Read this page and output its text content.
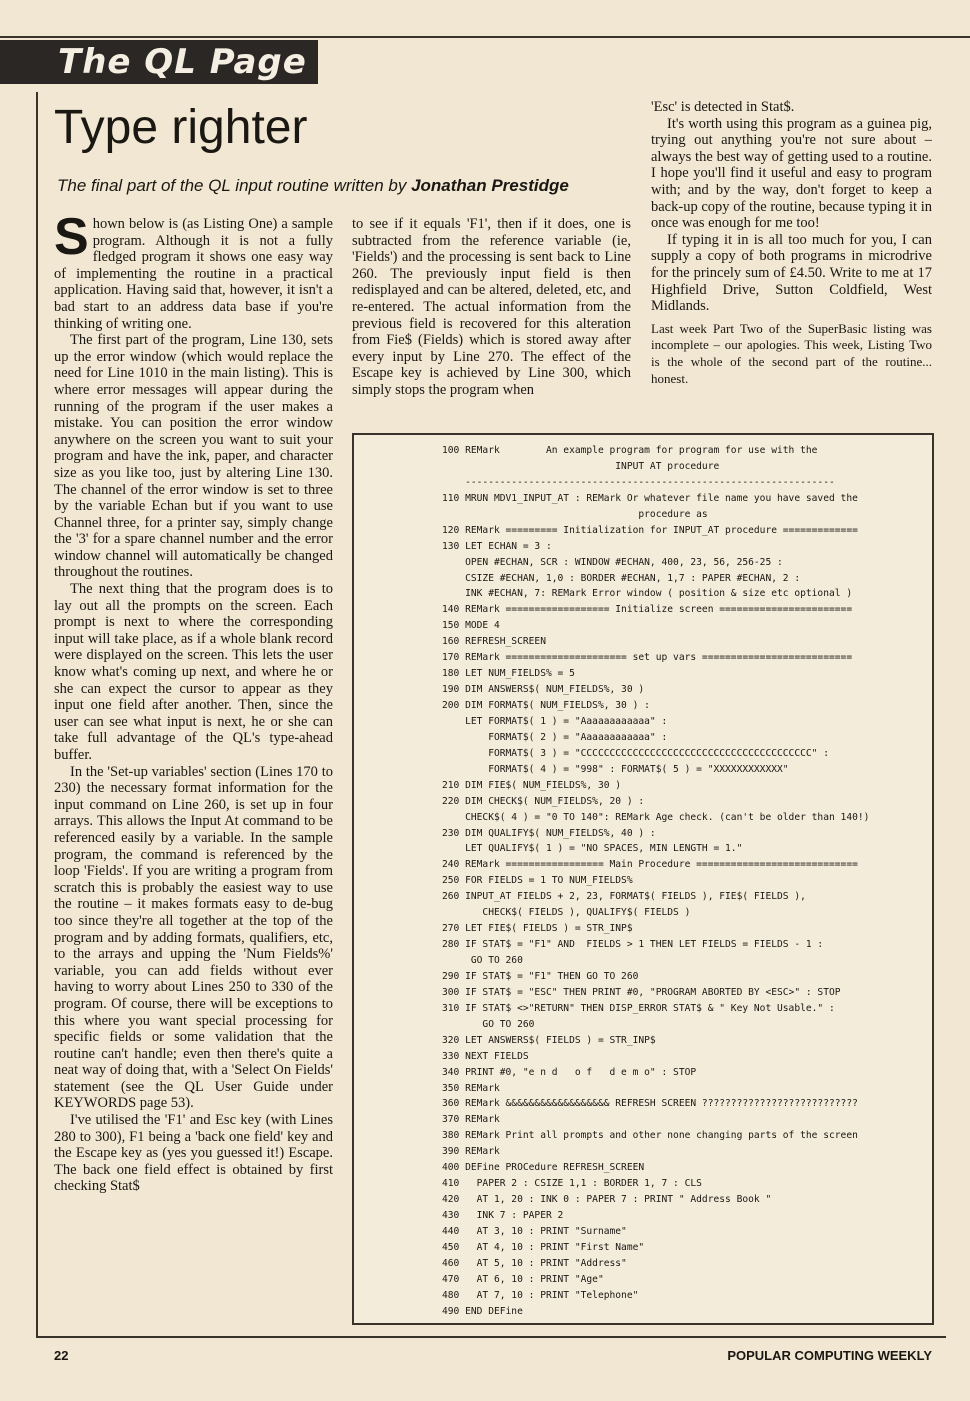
The QL Page
Type righter
The final part of the QL input routine written by Jonathan Prestidge

Shown below is (as Listing One) a sample program. Although it is not a fully fledged program it shows one easy way of implementing the routine in a practical application. Having said that, however, it isn't a bad start to an address data base if you're thinking of writing one.

The first part of the program, Line 130, sets up the error window (which would replace the need for Line 1010 in the main listing). This is where error messages will appear during the running of the program if the user makes a mistake. You can position the error window anywhere on the screen you want to suit your program and have the ink, paper, and character size as you like too, just by altering Line 130. The channel of the error window is set to three by the variable Echan but if you want to use Channel three, for a printer say, simply change the '3' for a spare channel number and the error window channel will automatically be changed throughout the routines.

The next thing that the program does is to lay out all the prompts on the screen. Each prompt is next to where the corresponding input will take place, as if a whole blank record were displayed on the screen. This lets the user know what's coming up next, and where he or she can expect the cursor to appear as they input one field after another. Then, since the user can see what input is next, he or she can take full advantage of the QL's type-ahead buffer.

In the 'Set-up variables' section (Lines 170 to 230) the necessary format information for the input command on Line 260, is set up in four arrays. This allows the Input At command to be referenced easily by a variable. In the sample program, the command is referenced by the loop 'Fields'. If you are writing a program from scratch this is probably the easiest way to use the routine – it makes formats easy to de-bug too since they're all together at the top of the program and by adding formats, qualifiers, etc, to the arrays and upping the 'Num Fields%' variable, you can add fields without ever having to worry about Lines 250 to 330 of the program. Of course, there will be exceptions to this where you want special processing for specific fields or some validation that the routine can't handle; even then there's quite a neat way of doing that, with a 'Select On Fields' statement (see the QL User Guide under KEYWORDS page 53).

I've utilised the 'F1' and Esc key (with Lines 280 to 300), F1 being a 'back one field' key and the Escape key as (yes you guessed it!) Escape. The back one field effect is obtained by first checking Stat$

to see if it equals 'F1', then if it does, one is subtracted from the reference variable (ie, 'Fields') and the processing is sent back to Line 260. The previously input field is then redisplayed and can be altered, deleted, etc, and re-entered. The actual information from the previous field is recovered for this alteration from Fie$ (Fields) which is stored away after every input by Line 270. The effect of the Escape key is achieved by Line 300, which simply stops the program when

'Esc' is detected in Stat$.

It's worth using this program as a guinea pig, trying out anything you're not sure about – always the best way of getting used to a routine. I hope you'll find it useful and easy to program with; and by the way, don't forget to keep a back-up copy of the routine, because typing it in once was enough for me too!

If typing it in is all too much for you, I can supply a copy of both programs in microdrive for the princely sum of £4.50. Write to me at 17 Highfield Drive, Sutton Coldfield, West Midlands.

Last week Part Two of the SuperBasic listing was incomplete – our apologies. This week, Listing Two is the whole of the second part of the routine... honest.

100 REMark        An example program for program for use with the
INPUT AT procedure
----------------------------------------------------------------
110 MRUN MDV1_INPUT_AT : REMark Or whatever file name you have saved the
procedure as
120 REMark ========= Initialization for INPUT_AT procedure =============
130 LET ECHAN = 3 :
OPEN #ECHAN, SCR : WINDOW #ECHAN, 400, 23, 56, 256-25 :
CSIZE #ECHAN, 1,0 : BORDER #ECHAN, 1,7 : PAPER #ECHAN, 2 :
INK #ECHAN, 7: REMark Error window ( position & size etc optional )
140 REMark ================== Initialize screen =======================
150 MODE 4
160 REFRESH_SCREEN
170 REMark ===================== set up vars ==========================
180 LET NUM_FIELDS% = 5
190 DIM ANSWERS$( NUM_FIELDS%, 30 )
200 DIM FORMAT$( NUM_FIELDS%, 30 ) :
LET FORMAT$( 1 ) = "Aaaaaaaaaaaa" :
FORMAT$( 2 ) = "Aaaaaaaaaaaa" :
FORMAT$( 3 ) = "CCCCCCCCCCCCCCCCCCCCCCCCCCCCCCCCCCCCCCCC" :
FORMAT$( 4 ) = "998" : FORMAT$( 5 ) = "XXXXXXXXXXXX"
210 DIM FIE$( NUM_FIELDS%, 30 )
220 DIM CHECK$( NUM_FIELDS%, 20 ) :
CHECK$( 4 ) = "0 TO 140": REMark Age check. (can't be older than 140!)
230 DIM QUALIFY$( NUM_FIELDS%, 40 ) :
LET QUALIFY$( 1 ) = "NO SPACES, MIN LENGTH = 1."
240 REMark ================= Main Procedure ============================
250 FOR FIELDS = 1 TO NUM_FIELDS%
260 INPUT_AT FIELDS + 2, 23, FORMAT$( FIELDS ), FIE$( FIELDS ),
CHECK$( FIELDS ), QUALIFY$( FIELDS )
270 LET FIE$( FIELDS ) = STR_INP$
280 IF STAT$ = "F1" AND  FIELDS > 1 THEN LET FIELDS = FIELDS - 1 :
GO TO 260
290 IF STAT$ = "F1" THEN GO TO 260
300 IF STAT$ = "ESC" THEN PRINT #0, "PROGRAM ABORTED BY <ESC>" : STOP
310 IF STAT$ <>"RETURN" THEN DISP_ERROR STAT$ & " Key Not Usable." :
GO TO 260
320 LET ANSWERS$( FIELDS ) = STR_INP$
330 NEXT FIELDS
340 PRINT #0, "e n d   o f   d e m o" : STOP
350 REMark
360 REMark &&&&&&&&&&&&&&&&&& REFRESH SCREEN ???????????????????????????
370 REMark
380 REMark Print all prompts and other none changing parts of the screen
390 REMark
400 DEFine PROCedure REFRESH_SCREEN
410   PAPER 2 : CSIZE 1,1 : BORDER 1, 7 : CLS
420   AT 1, 20 : INK 0 : PAPER 7 : PRINT " Address Book "
430   INK 7 : PAPER 2
440   AT 3, 10 : PRINT "Surname"
450   AT 4, 10 : PRINT "First Name"
460   AT 5, 10 : PRINT "Address"
470   AT 6, 10 : PRINT "Age"
480   AT 7, 10 : PRINT "Telephone"
490 END DEFine
22	POPULAR COMPUTING WEEKLY
